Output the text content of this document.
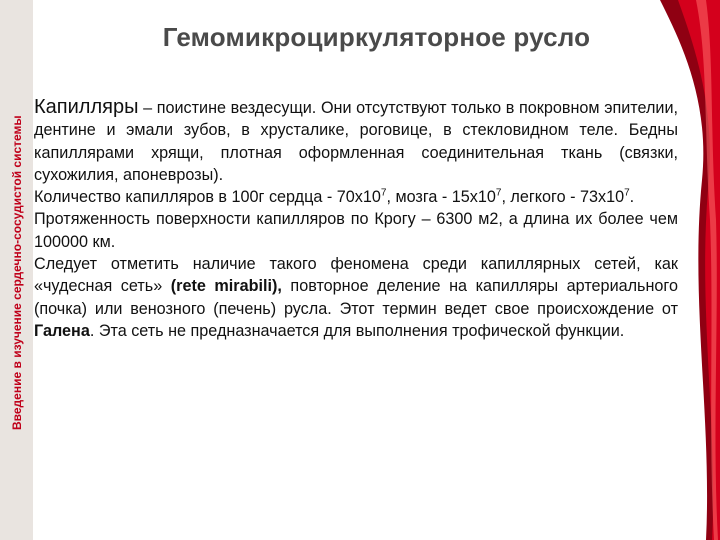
Введение в изучение сердечно-сосудистой системы
Гемомикроциркуляторное русло

Капилляры – поистине вездесущи. Они отсутствуют только в покровном эпителии, дентине и эмали зубов, в хрусталике, роговице, в стекловидном теле. Бедны капиллярами хрящи, плотная оформленная соединительная ткань (связки, сухожилия, апоневрозы).

Количество капилляров в 100г сердца - $70х10^7$, мозга - $15х10^7$, легкого - $73х10^7$.

Протяженность поверхности капилляров по Крогу – 6300 м2, а длина их более чем 100000 км.

Следует отметить наличие такого феномена среди капиллярных сетей, как «чудесная сеть» (rete mirabili), повторное деление на капилляры артериального (почка) или венозного (печень) русла. Этот термин ведет свое происхождение от Галена. Эта сеть не предназначается для выполнения трофической функции.
